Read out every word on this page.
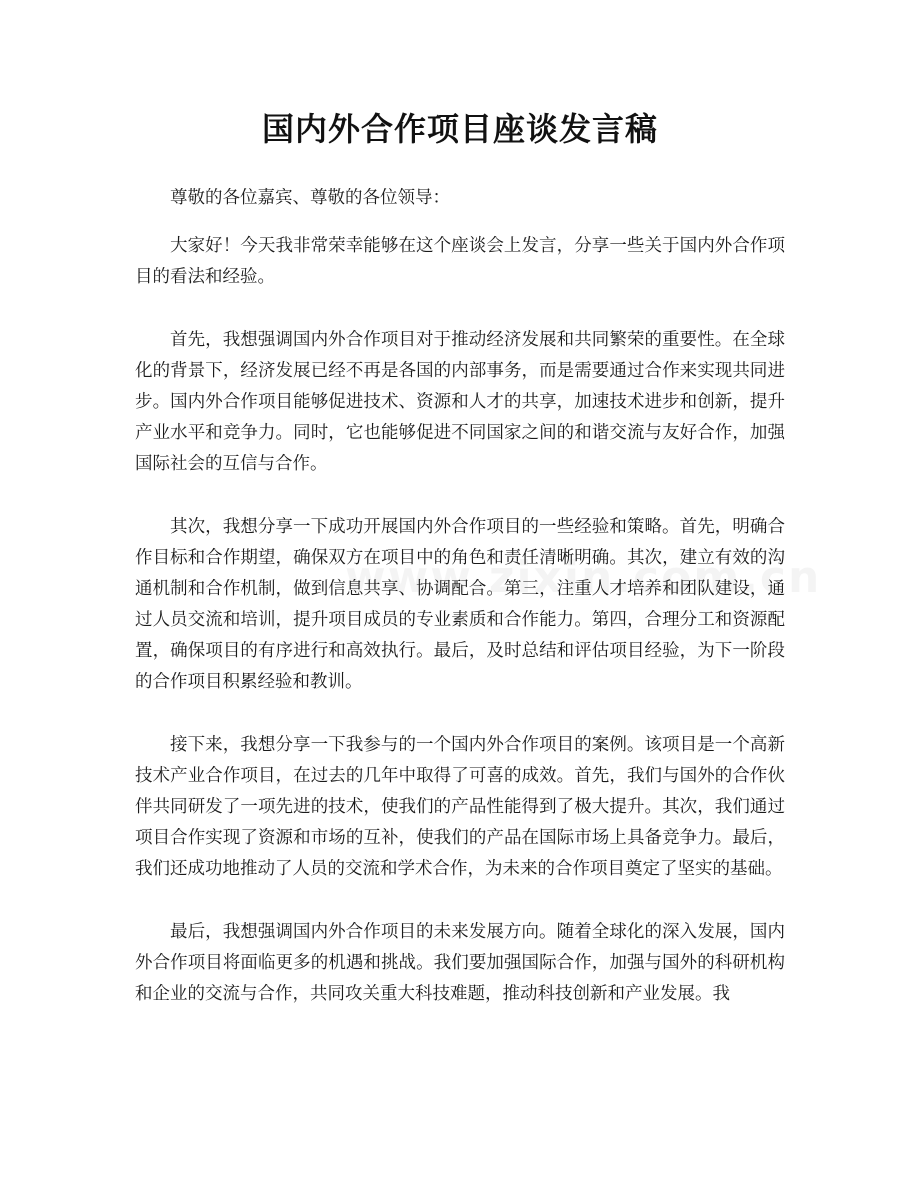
国内外合作项目座谈发言稿

尊敬的各位嘉宾、尊敬的各位领导：

大家好！今天我非常荣幸能够在这个座谈会上发言，分享一些关于国内外合作项目的看法和经验。

首先，我想强调国内外合作项目对于推动经济发展和共同繁荣的重要性。在全球化的背景下，经济发展已经不再是各国的内部事务，而是需要通过合作来实现共同进步。国内外合作项目能够促进技术、资源和人才的共享，加速技术进步和创新，提升产业水平和竞争力。同时，它也能够促进不同国家之间的和谐交流与友好合作，加强国际社会的互信与合作。

其次，我想分享一下成功开展国内外合作项目的一些经验和策略。首先，明确合作目标和合作期望，确保双方在项目中的角色和责任清晰明确。其次，建立有效的沟通机制和合作机制，做到信息共享、协调配合。第三，注重人才培养和团队建设，通过人员交流和培训，提升项目成员的专业素质和合作能力。第四，合理分工和资源配置，确保项目的有序进行和高效执行。最后，及时总结和评估项目经验，为下一阶段的合作项目积累经验和教训。

接下来，我想分享一下我参与的一个国内外合作项目的案例。该项目是一个高新技术产业合作项目，在过去的几年中取得了可喜的成效。首先，我们与国外的合作伙伴共同研发了一项先进的技术，使我们的产品性能得到了极大提升。其次，我们通过项目合作实现了资源和市场的互补，使我们的产品在国际市场上具备竞争力。最后，我们还成功地推动了人员的交流和学术合作，为未来的合作项目奠定了坚实的基础。

最后，我想强调国内外合作项目的未来发展方向。随着全球化的深入发展，国内外合作项目将面临更多的机遇和挑战。我们要加强国际合作，加强与国外的科研机构和企业的交流与合作，共同攻关重大科技难题，推动科技创新和产业发展。我
